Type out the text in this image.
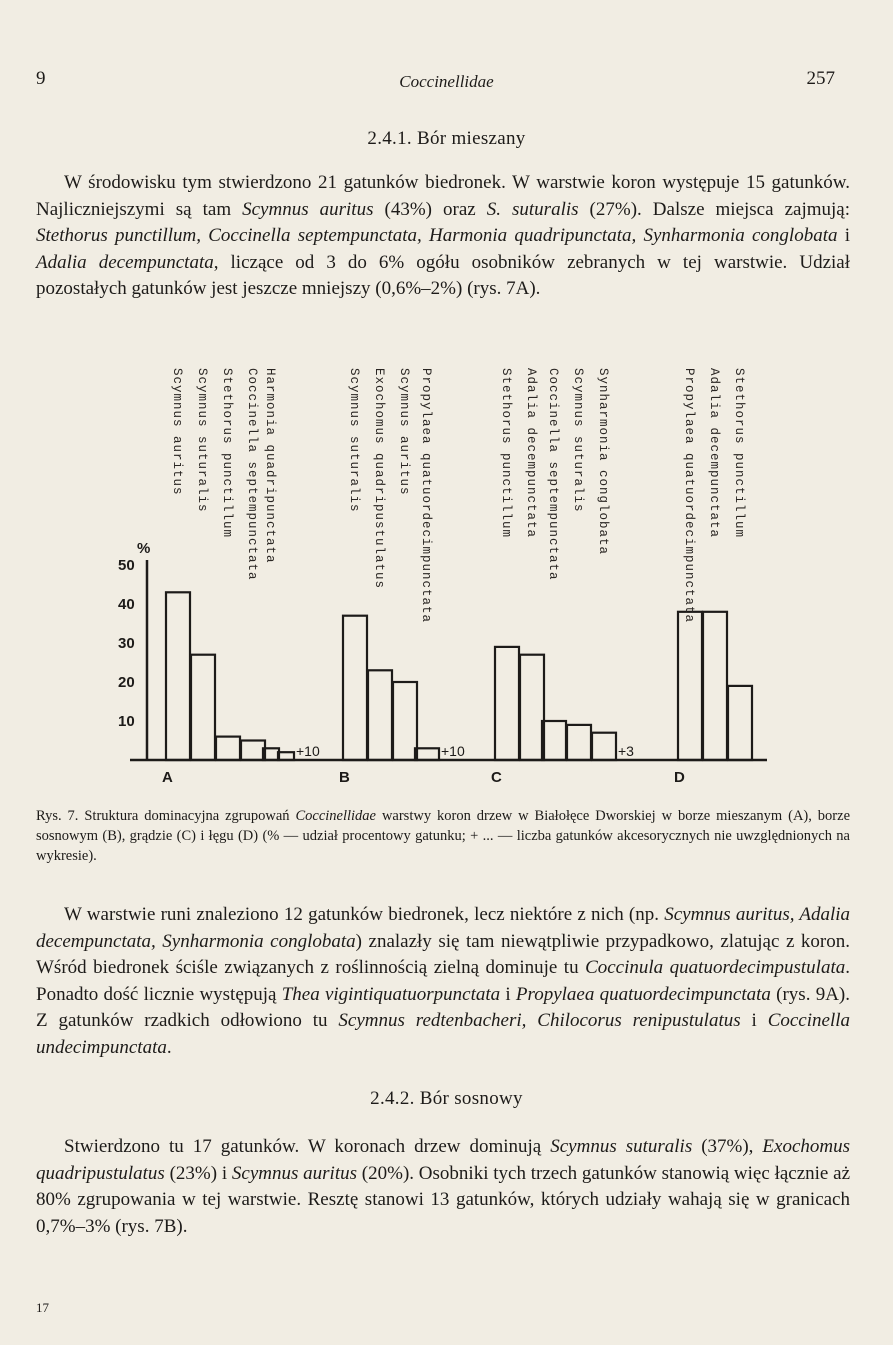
9	Coccinellidae	257
2.4.1. Bór mieszany
W środowisku tym stwierdzono 21 gatunków biedronek. W warstwie koron występuje 15 gatunków. Najliczniejszymi są tam Scymnus auritus (43%) oraz S. suturalis (27%). Dalsze miejsca zajmują: Stethorus punctillum, Coccinella septempunctata, Harmonia quadripunctata, Synharmonia conglobata i Adalia decempunctata, liczące od 3 do 6% ogółu osobników zebranych w tej warstwie. Udział pozostałych gatunków jest jeszcze mniejszy (0,6%–2%) (rys. 7A).
%
10
20
30
40
50
Scymnus auritus Scymnus suturalis Stethorus punctillum Coccinella septempunctata Harmonia quadripunctata
+10
A
Scymnus suturalis Exochomus quadripustulatus Scymnus auritus Propylaea quatuordecimpunctata
+10
B
Stethorus punctillum Adalia decempunctata Coccinella septempunctata Scymnus suturalis Synharmonia conglobata
+3
C
Propylaea quatuordecimpunctata Adalia decempunctata Stethorus punctillum
D
Rys. 7. Struktura dominacyjna zgrupowań Coccinellidae warstwy koron drzew w Białołęce Dworskiej w borze mieszanym (A), borze sosnowym (B), grądzie (C) i łęgu (D) (% — udział procentowy gatunku; + ... — liczba gatunków akcesorycznych nie uwzględnionych na wykresie).
W warstwie runi znaleziono 12 gatunków biedronek, lecz niektóre z nich (np. Scymnus auritus, Adalia decempunctata, Synharmonia conglobata) znalazły się tam niewątpliwie przypadkowo, zlatując z koron. Wśród biedronek ściśle związanych z roślinnością zielną dominuje tu Coccinula quatuordecimpustulata. Ponadto dość licznie występują Thea vigintiquatuorpunctata i Propylaea quatuordecimpunctata (rys. 9A). Z gatunków rzadkich odłowiono tu Scymnus redtenbacheri, Chilocorus renipustulatus i Coccinella undecimpunctata.
2.4.2. Bór sosnowy
Stwierdzono tu 17 gatunków. W koronach drzew dominują Scymnus suturalis (37%), Exochomus quadripustulatus (23%) i Scymnus auritus (20%). Osobniki tych trzech gatunków stanowią więc łącznie aż 80% zgrupowania w tej warstwie. Resztę stanowi 13 gatunków, których udziały wahają się w granicach 0,7%–3% (rys. 7B).
17
